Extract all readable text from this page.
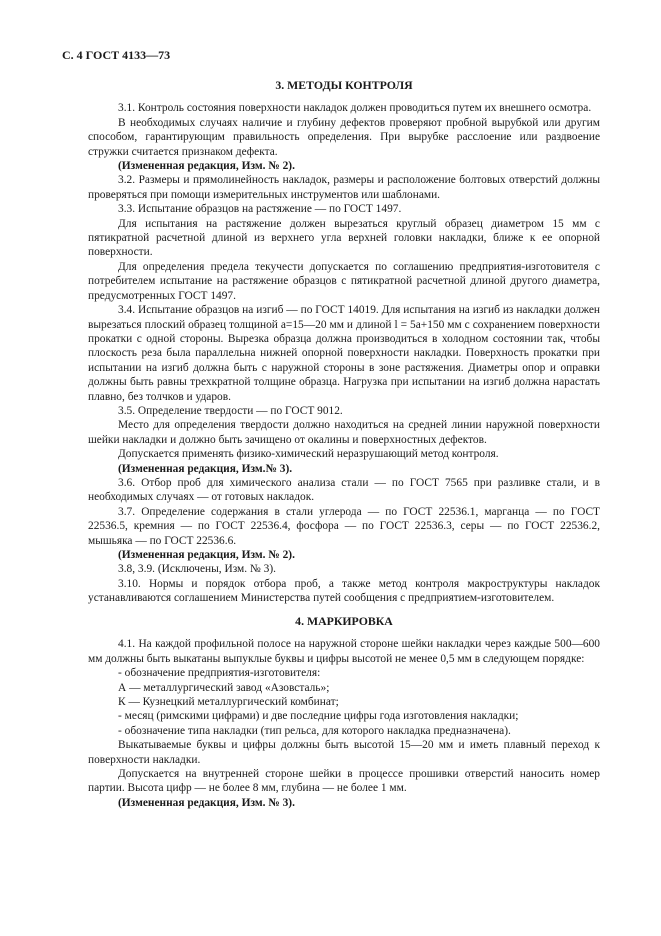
С. 4 ГОСТ 4133—73
3. МЕТОДЫ КОНТРОЛЯ

3.1. Контроль состояния поверхности накладок должен проводиться путем их внешнего осмотра.

В необходимых случаях наличие и глубину дефектов проверяют пробной вырубкой или другим способом, гарантирующим правильность определения. При вырубке расслоение или раздвоение стружки считается признаком дефекта.

(Измененная редакция, Изм. № 2).

3.2. Размеры и прямолинейность накладок, размеры и расположение болтовых отверстий должны проверяться при помощи измерительных инструментов или шаблонами.

3.3. Испытание образцов на растяжение — по ГОСТ 1497.

Для испытания на растяжение должен вырезаться круглый образец диаметром 15 мм с пятикратной расчетной длиной из верхнего угла верхней головки накладки, ближе к ее опорной поверхности.

Для определения предела текучести допускается по соглашению предприятия-изготовителя с потребителем испытание на растяжение образцов с пятикратной расчетной длиной другого диаметра, предусмотренных ГОСТ 1497.

3.4. Испытание образцов на изгиб — по ГОСТ 14019. Для испытания на изгиб из накладки должен вырезаться плоский образец толщиной a=15—20 мм и длиной l = 5a+150 мм с сохранением поверхности прокатки с одной стороны. Вырезка образца должна производиться в холодном состоянии так, чтобы плоскость реза была параллельна нижней опорной поверхности накладки. Поверхность прокатки при испытании на изгиб должна быть с наружной стороны в зоне растяжения. Диаметры опор и оправки должны быть равны трехкратной толщине образца. Нагрузка при испытании на изгиб должна нарастать плавно, без толчков и ударов.

3.5. Определение твердости — по ГОСТ 9012.

Место для определения твердости должно находиться на средней линии наружной поверхности шейки накладки и должно быть зачищено от окалины и поверхностных дефектов.

Допускается применять физико-химический неразрушающий метод контроля.

(Измененная редакция, Изм.№ 3).

3.6. Отбор проб для химического анализа стали — по ГОСТ 7565 при разливке стали, и в необходимых случаях — от готовых накладок.

3.7. Определение содержания в стали углерода — по ГОСТ 22536.1, марганца — по ГОСТ 22536.5, кремния — по ГОСТ 22536.4, фосфора — по ГОСТ 22536.3, серы — по ГОСТ 22536.2, мышьяка — по ГОСТ 22536.6.

(Измененная редакция, Изм. № 2).

3.8, 3.9. (Исключены, Изм. № 3).

3.10. Нормы и порядок отбора проб, а также метод контроля макроструктуры накладок устанавливаются соглашением Министерства путей сообщения с предприятием-изготовителем.

4. МАРКИРОВКА

4.1. На каждой профильной полосе на наружной стороне шейки накладки через каждые 500—600 мм должны быть выкатаны выпуклые буквы и цифры высотой не менее 0,5 мм в следующем порядке:

- обозначение предприятия-изготовителя:

А — металлургический завод «Азовсталь»;

К — Кузнецкий металлургический комбинат;

- месяц (римскими цифрами) и две последние цифры года изготовления накладки;

- обозначение типа накладки (тип рельса, для которого накладка предназначена).

Выкатываемые буквы и цифры должны быть высотой 15—20 мм и иметь плавный переход к поверхности накладки.

Допускается на внутренней стороне шейки в процессе прошивки отверстий наносить номер партии. Высота цифр — не более 8 мм, глубина — не более 1 мм.

(Измененная редакция, Изм. № 3).
